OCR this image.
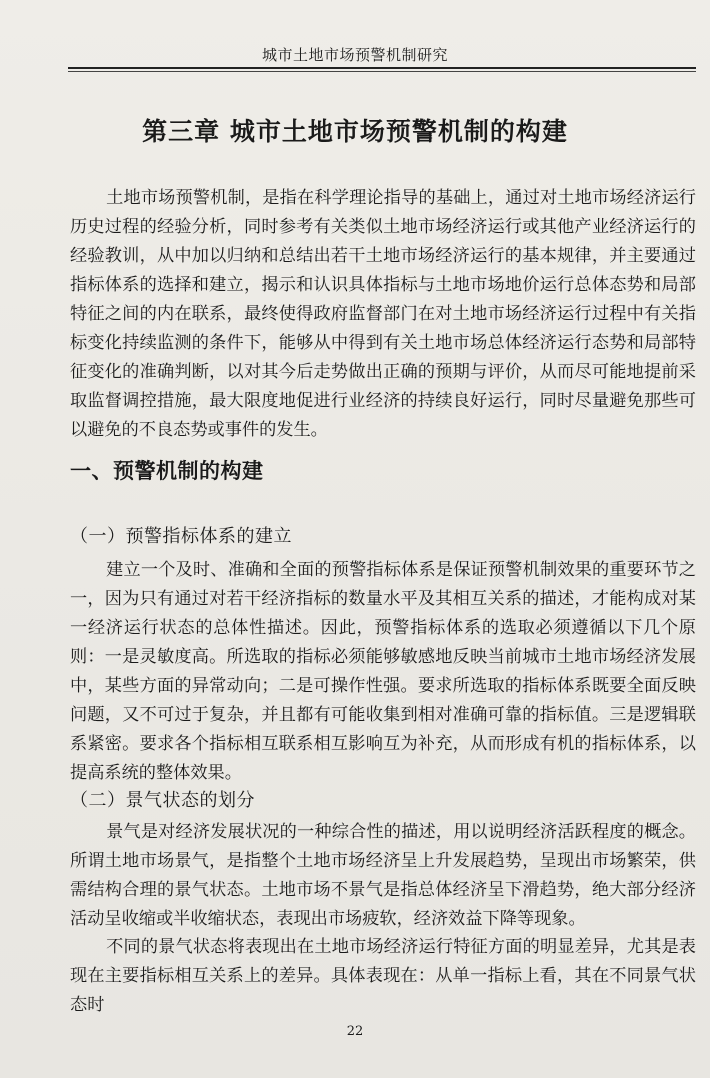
城市土地市场预警机制研究
第三章 城市土地市场预警机制的构建

土地市场预警机制，是指在科学理论指导的基础上，通过对土地市场经济运行历史过程的经验分析，同时参考有关类似土地市场经济运行或其他产业经济运行的经验教训，从中加以归纳和总结出若干土地市场经济运行的基本规律，并主要通过指标体系的选择和建立，揭示和认识具体指标与土地市场地价运行总体态势和局部特征之间的内在联系，最终使得政府监督部门在对土地市场经济运行过程中有关指标变化持续监测的条件下，能够从中得到有关土地市场总体经济运行态势和局部特征变化的准确判断，以对其今后走势做出正确的预期与评价，从而尽可能地提前采取监督调控措施，最大限度地促进行业经济的持续良好运行，同时尽量避免那些可以避免的不良态势或事件的发生。

一、预警机制的构建
（一）预警指标体系的建立

建立一个及时、准确和全面的预警指标体系是保证预警机制效果的重要环节之一，因为只有通过对若干经济指标的数量水平及其相互关系的描述，才能构成对某一经济运行状态的总体性描述。因此，预警指标体系的选取必须遵循以下几个原则：一是灵敏度高。所选取的指标必须能够敏感地反映当前城市土地市场经济发展中，某些方面的异常动向；二是可操作性强。要求所选取的指标体系既要全面反映问题，又不可过于复杂，并且都有可能收集到相对准确可靠的指标值。三是逻辑联系紧密。要求各个指标相互联系相互影响互为补充，从而形成有机的指标体系，以提高系统的整体效果。

（二）景气状态的划分

景气是对经济发展状况的一种综合性的描述，用以说明经济活跃程度的概念。所谓土地市场景气，是指整个土地市场经济呈上升发展趋势，呈现出市场繁荣，供需结构合理的景气状态。土地市场不景气是指总体经济呈下滑趋势，绝大部分经济活动呈收缩或半收缩状态，表现出市场疲软，经济效益下降等现象。

不同的景气状态将表现出在土地市场经济运行特征方面的明显差异，尤其是表现在主要指标相互关系上的差异。具体表现在：从单一指标上看，其在不同景气状态时

22
